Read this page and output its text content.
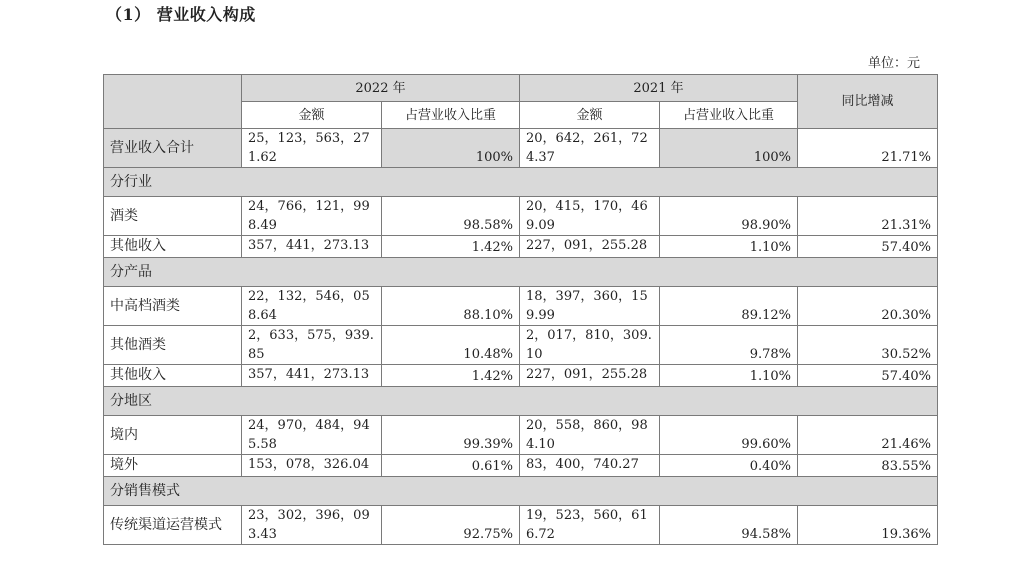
（1） 营业收入构成
单位：元
	2022 年		2021 年		同比增减
	金额	占营业收入比重	金额	占营业收入比重	
营业收入合计	25，123，563，271.62	100%	20，642，261，724.37	100%	21.71%
分行业					
酒类	24，766，121，998.49	98.58%	20，415，170，469.09	98.90%	21.31%
其他收入	357，441，273.13	1.42%	227，091，255.28	1.10%	57.40%
分产品					
中高档酒类	22，132，546，058.64	88.10%	18，397，360，159.99	89.12%	20.30%
其他酒类	2，633，575，939.85	10.48%	2，017，810，309.10	9.78%	30.52%
其他收入	357，441，273.13	1.42%	227，091，255.28	1.10%	57.40%
分地区					
境内	24，970，484，945.58	99.39%	20，558，860，984.10	99.60%	21.46%
境外	153，078，326.04	0.61%	83，400，740.27	0.40%	83.55%
分销售模式					
传统渠道运营模式	23，302，396，093.43	92.75%	19，523，560，616.72	94.58%	19.36%
